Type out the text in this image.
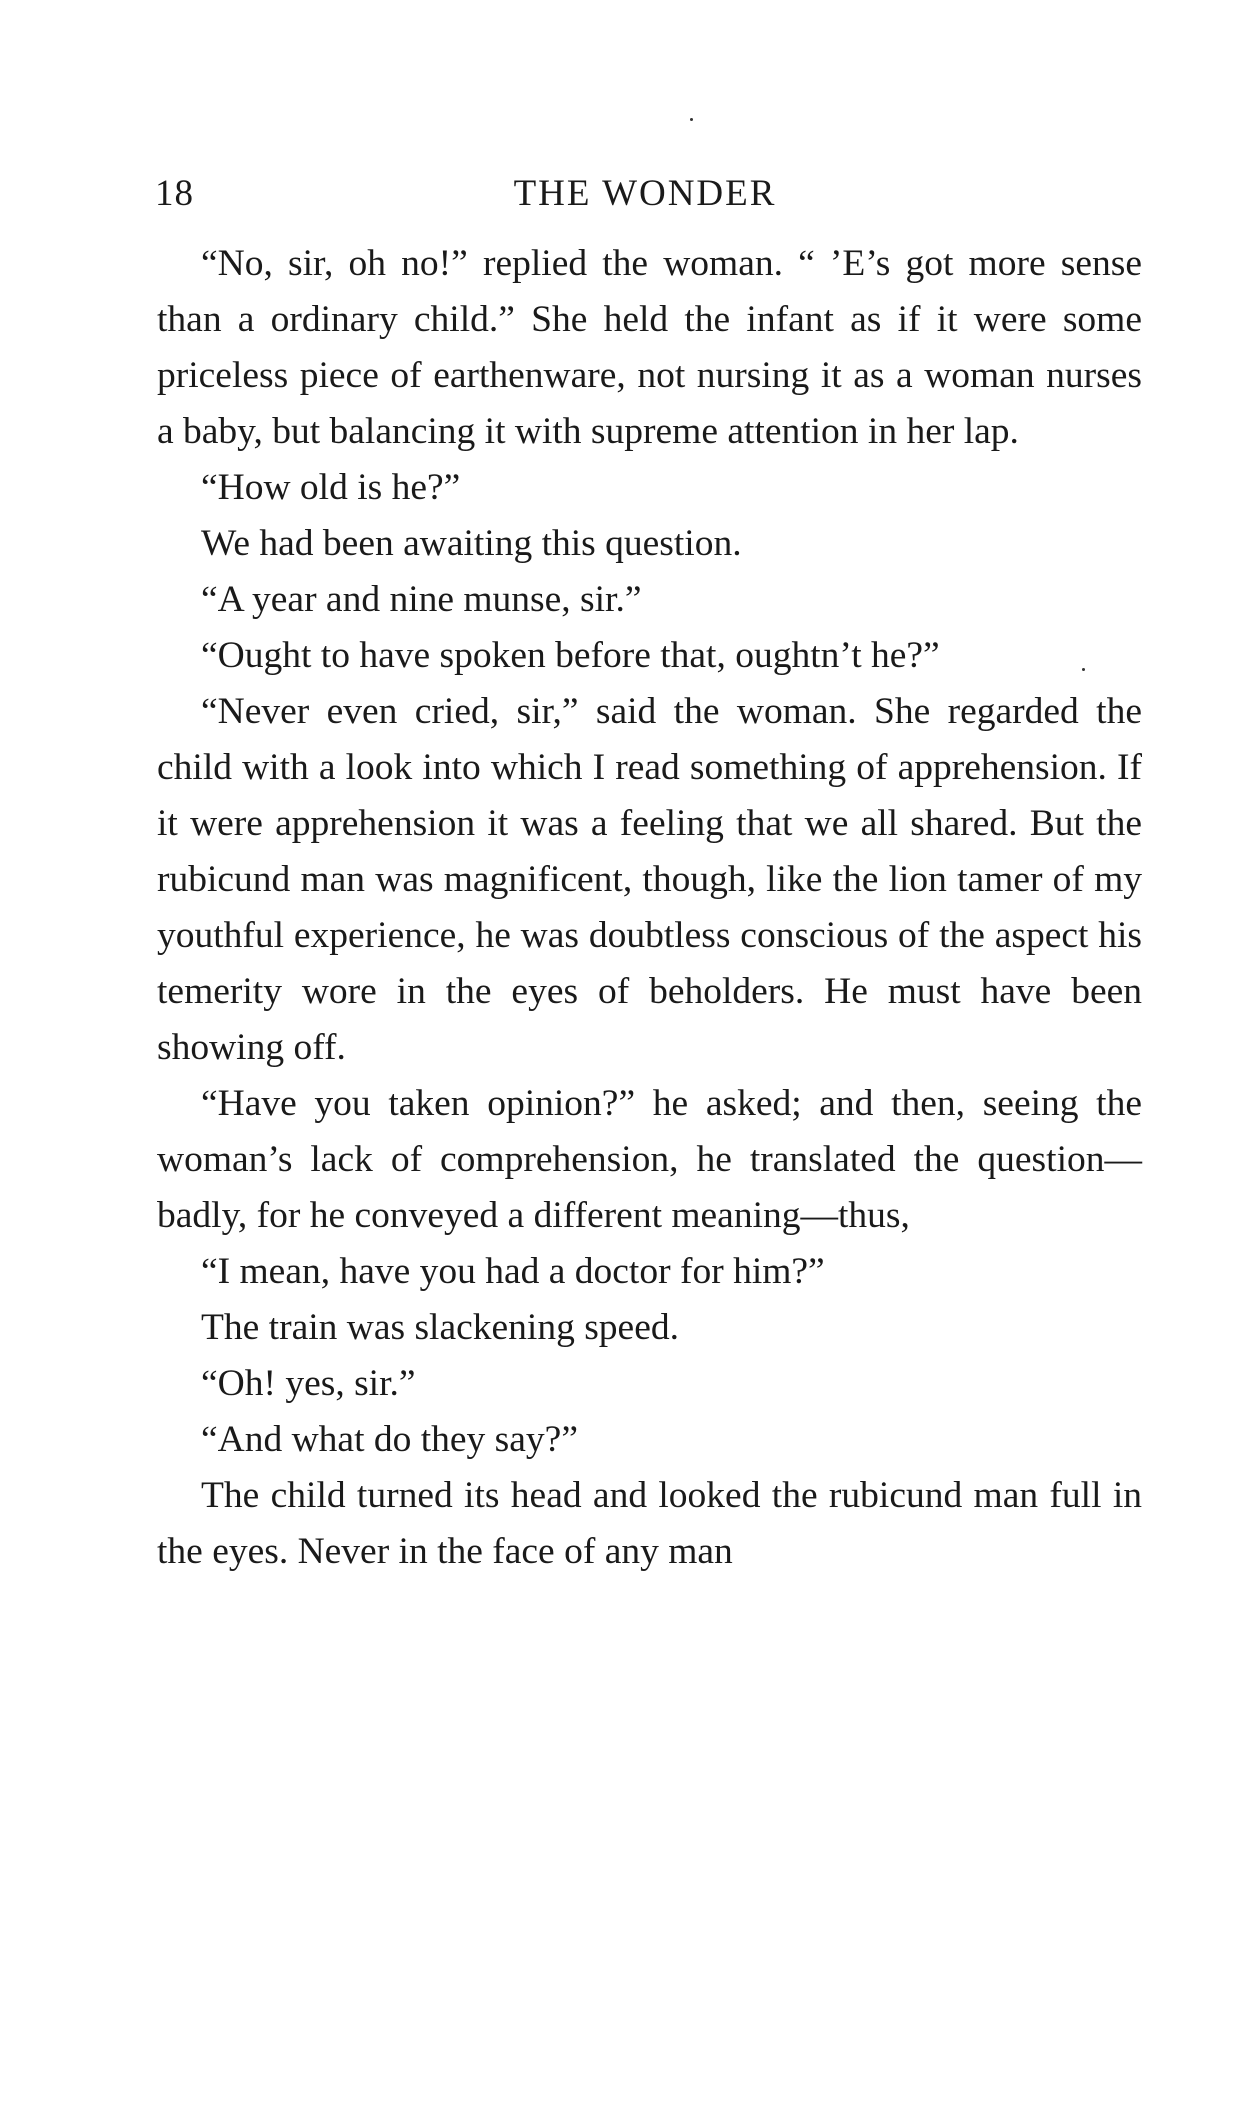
18	THE WONDER

“No, sir, oh no!” replied the woman. “ ’E’s got more sense than a ordinary child.” She held the infant as if it were some priceless piece of earthenware, not nursing it as a woman nurses a baby, but balancing it with supreme attention in her lap.

“How old is he?”

We had been awaiting this question.

“A year and nine munse, sir.”

“Ought to have spoken before that, oughtn’t he?”

“Never even cried, sir,” said the woman. She regarded the child with a look into which I read something of apprehension. If it were apprehension it was a feeling that we all shared. But the rubicund man was magnificent, though, like the lion tamer of my youthful experience, he was doubtless conscious of the aspect his temerity wore in the eyes of beholders. He must have been showing off.

“Have you taken opinion?” he asked; and then, seeing the woman’s lack of comprehension, he translated the question—badly, for he conveyed a different meaning—thus,

“I mean, have you had a doctor for him?”

The train was slackening speed.

“Oh! yes, sir.”

“And what do they say?”

The child turned its head and looked the rubicund man full in the eyes. Never in the face of any man
